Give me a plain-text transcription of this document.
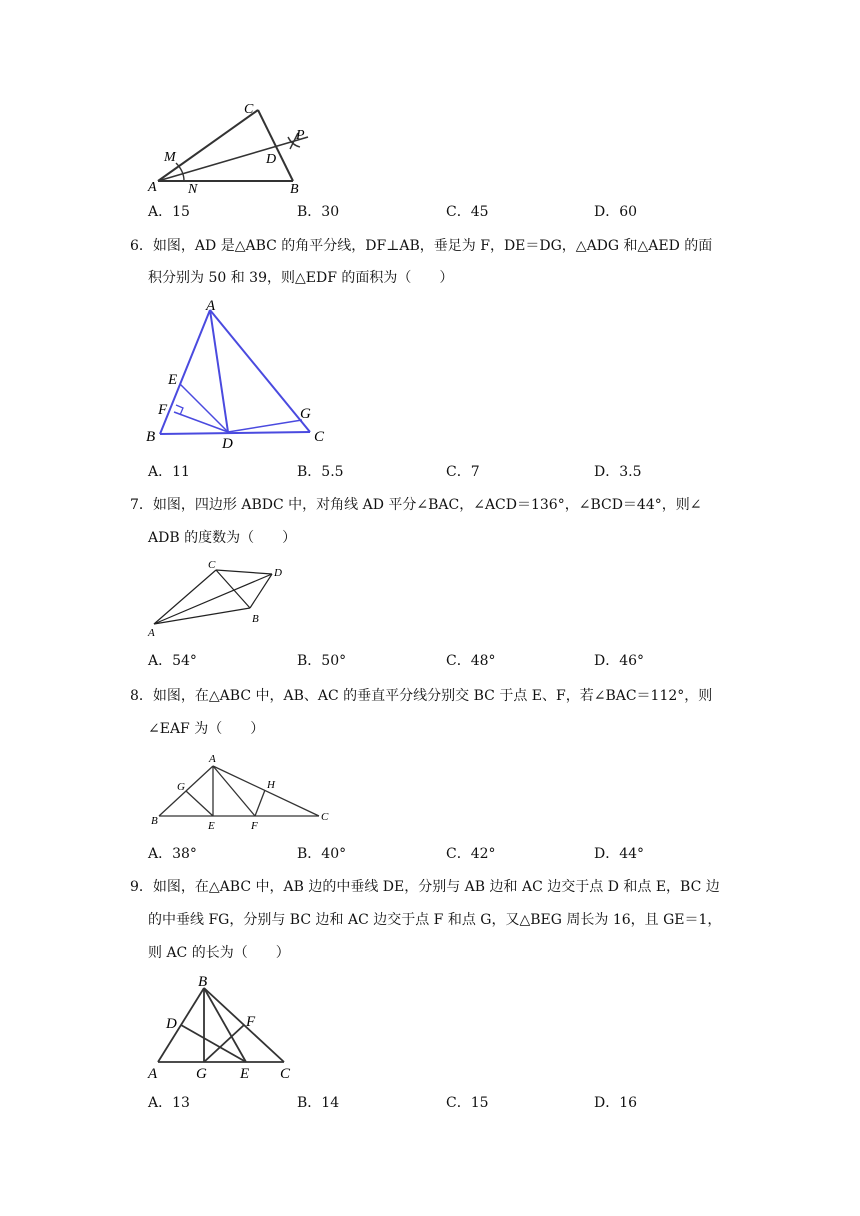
A	B
C
D
M
N
P
A．15	B．30	C．45	D．60
6．如图，AD 是△ABC 的角平分线，DF⊥AB，垂足为 F，DE＝DG，△ADG 和△AED 的面
积分别为 50 和 39，则△EDF 的面积为（　　）
A
B	C
D
E
F	G
A．11	B．5.5	C．7	D．3.5
7．如图，四边形 ABDC 中，对角线 AD 平分∠BAC，∠ACD＝136°，∠BCD＝44°，则∠
ADB 的度数为（　　）
A
B
C
D
A．54°	B．50°	C．48°	D．46°
8．如图，在△ABC 中，AB、AC 的垂直平分线分别交 BC 于点 E、F，若∠BAC＝112°，则
∠EAF 为（　　）
A
B	C
E	F
G	H
A．38°	B．40°	C．42°	D．44°
9．如图，在△ABC 中，AB 边的中垂线 DE，分别与 AB 边和 AC 边交于点 D 和点 E，BC 边
的中垂线 FG，分别与 BC 边和 AC 边交于点 F 和点 G，又△BEG 周长为 16，且 GE＝1，
则 AC 的长为（　　）
A
B
C
D
E
F
G
A．13	B．14	C．15	D．16
